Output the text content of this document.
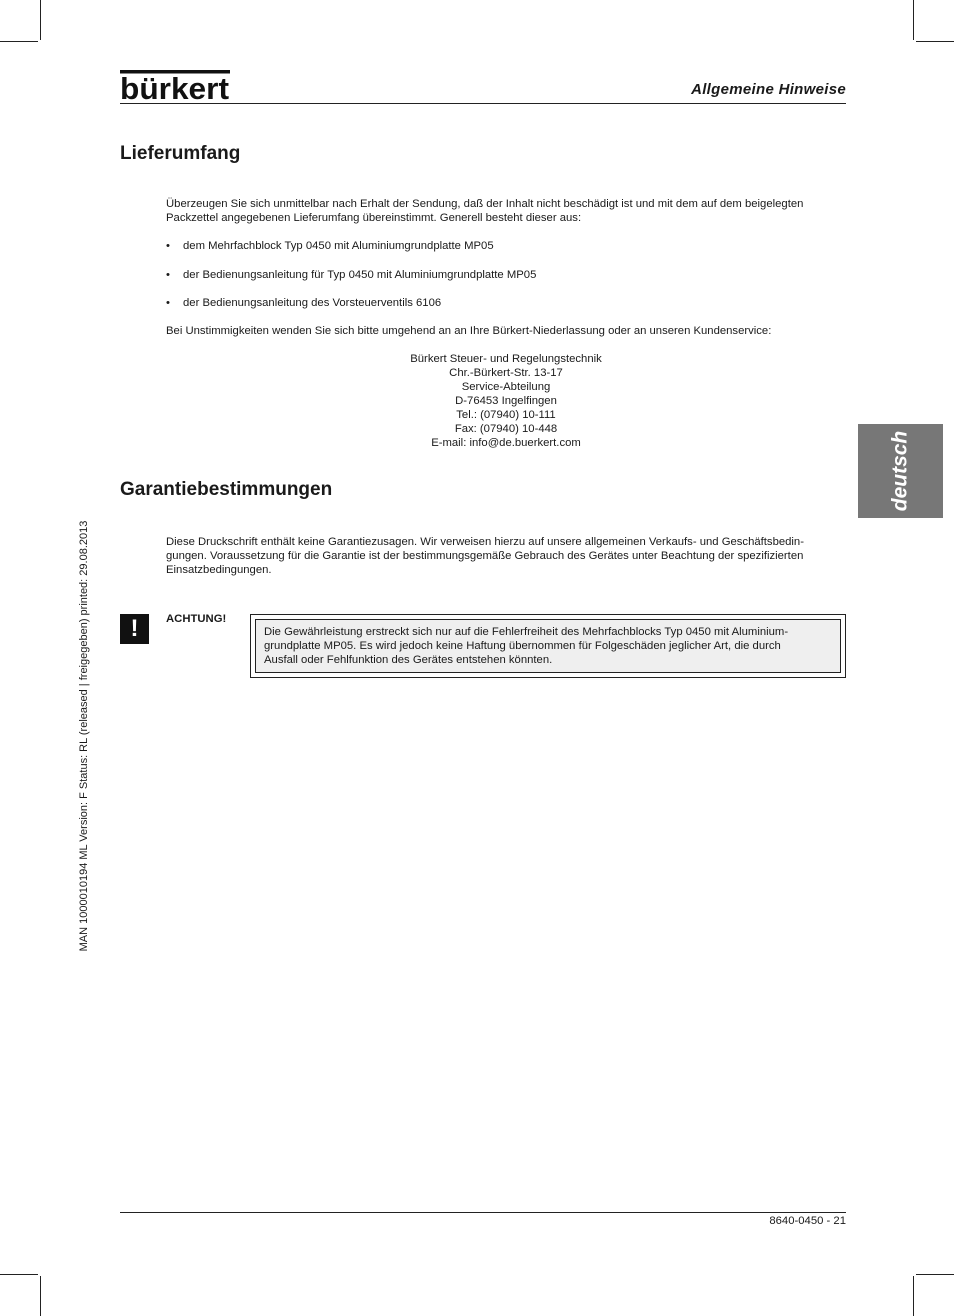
bürkert	Allgemeine Hinweise
Lieferumfang
Überzeugen Sie sich unmittelbar nach Erhalt der Sendung, daß der Inhalt nicht beschädigt ist und mit dem auf dem beigelegten Packzettel angegebenen Lieferumfang übereinstimmt. Generell besteht dieser aus:
• dem Mehrfachblock Typ 0450 mit Aluminiumgrundplatte MP05
• der Bedienungsanleitung für Typ 0450 mit Aluminiumgrundplatte MP05
• der Bedienungsanleitung des Vorsteuerventils 6106
Bei Unstimmigkeiten wenden Sie sich bitte umgehend an an Ihre Bürkert-Niederlassung oder an unseren Kundenservice:
Bürkert Steuer- und Regelungstechnik
Chr.-Bürkert-Str. 13-17
Service-Abteilung
D-76453 Ingelfingen
Tel.: (07940) 10-111
Fax: (07940) 10-448
E-mail: info@de.buerkert.com
Garantiebestimmungen
Diese Druckschrift enthält keine Garantiezusagen. Wir verweisen hierzu auf unsere allgemeinen Verkaufs- und Geschäftsbedin-
gungen. Voraussetzung für die Garantie ist der bestimmungsgemäße Gebrauch des Gerätes unter Beachtung der spezifizierten
Einsatzbedingungen.
!	ACHTUNG!
Die Gewährleistung erstreckt sich nur auf die Fehlerfreiheit des Mehrfachblocks Typ 0450 mit Aluminium-
grundplatte MP05. Es wird jedoch keine Haftung übernommen für Folgeschäden jeglicher Art, die durch
Ausfall oder Fehlfunktion des Gerätes entstehen könnten.
deutsch
MAN 1000010194 ML Version: F Status: RL (released | freigegeben) printed: 29.08.2013
8640-0450 - 21
